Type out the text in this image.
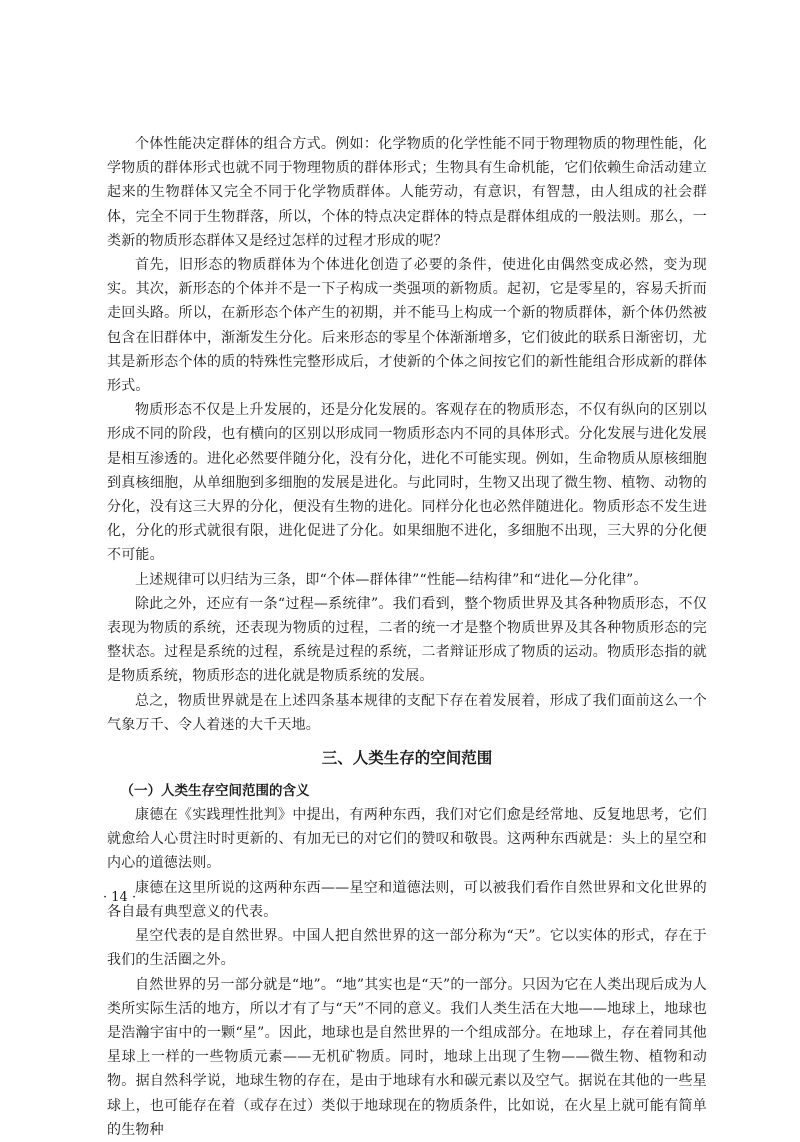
个体性能决定群体的组合方式。例如：化学物质的化学性能不同于物理物质的物理性能，化学物质的群体形式也就不同于物理物质的群体形式；生物具有生命机能，它们依赖生命活动建立起来的生物群体又完全不同于化学物质群体。人能劳动，有意识，有智慧，由人组成的社会群体，完全不同于生物群落，所以，个体的特点决定群体的特点是群体组成的一般法则。那么，一类新的物质形态群体又是经过怎样的过程才形成的呢？

首先，旧形态的物质群体为个体进化创造了必要的条件，使进化由偶然变成必然，变为现实。其次，新形态的个体并不是一下子构成一类强项的新物质。起初，它是零星的，容易夭折而走回头路。所以，在新形态个体产生的初期，并不能马上构成一个新的物质群体，新个体仍然被包含在旧群体中，渐渐发生分化。后来形态的零星个体渐渐增多，它们彼此的联系日渐密切，尤其是新形态个体的质的特殊性完整形成后，才使新的个体之间按它们的新性能组合形成新的群体形式。

物质形态不仅是上升发展的，还是分化发展的。客观存在的物质形态，不仅有纵向的区别以形成不同的阶段，也有横向的区别以形成同一物质形态内不同的具体形式。分化发展与进化发展是相互渗透的。进化必然要伴随分化，没有分化，进化不可能实现。例如，生命物质从原核细胞到真核细胞，从单细胞到多细胞的发展是进化。与此同时，生物又出现了微生物、植物、动物的分化，没有这三大界的分化，便没有生物的进化。同样分化也必然伴随进化。物质形态不发生进化，分化的形式就很有限，进化促进了分化。如果细胞不进化，多细胞不出现，三大界的分化便不可能。

上述规律可以归结为三条，即“个体—群体律”“性能—结构律”和“进化—分化律”。

除此之外，还应有一条“过程—系统律”。我们看到，整个物质世界及其各种物质形态，不仅表现为物质的系统，还表现为物质的过程，二者的统一才是整个物质世界及其各种物质形态的完整状态。过程是系统的过程，系统是过程的系统，二者辩证形成了物质的运动。物质形态指的就是物质系统，物质形态的进化就是物质系统的发展。

总之，物质世界就是在上述四条基本规律的支配下存在着发展着，形成了我们面前这么一个气象万千、令人着迷的大千天地。

三、人类生存的空间范围
（一）人类生存空间范围的含义

康德在《实践理性批判》中提出，有两种东西，我们对它们愈是经常地、反复地思考，它们就愈给人心贯注时时更新的、有加无已的对它们的赞叹和敬畏。这两种东西就是：头上的星空和内心的道德法则。

康德在这里所说的这两种东西——星空和道德法则，可以被我们看作自然世界和文化世界的各自最有典型意义的代表。

星空代表的是自然世界。中国人把自然世界的这一部分称为“天”。它以实体的形式，存在于我们的生活圈之外。

自然世界的另一部分就是“地”。“地”其实也是“天”的一部分。只因为它在人类出现后成为人类所实际生活的地方，所以才有了与“天”不同的意义。我们人类生活在大地——地球上，地球也是浩瀚宇宙中的一颗“星”。因此，地球也是自然世界的一个组成部分。在地球上，存在着同其他星球上一样的一些物质元素——无机矿物质。同时，地球上出现了生物——微生物、植物和动物。据自然科学说，地球生物的存在，是由于地球有水和碳元素以及空气。据说在其他的一些星球上，也可能存在着（或存在过）类似于地球现在的物质条件，比如说，在火星上就可能有简单的生物种

· 14 ·
